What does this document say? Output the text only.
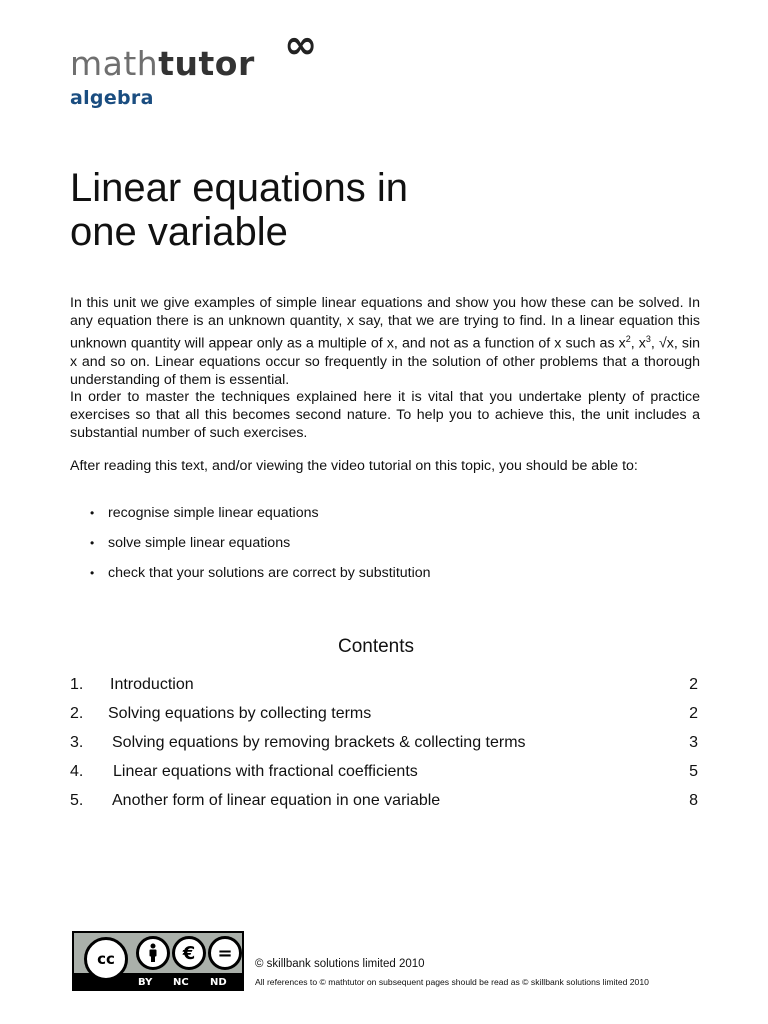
mathtutor ∞
algebra
Linear equations in
one variable
In this unit we give examples of simple linear equations and show you how these can be solved. In any equation there is an unknown quantity, x say, that we are trying to find. In a linear equation this unknown quantity will appear only as a multiple of x, and not as a function of x such as $x^2$, $x^3$, √x, sin x and so on. Linear equations occur so frequently in the solution of other problems that a thorough understanding of them is essential.
In order to master the techniques explained here it is vital that you undertake plenty of practice exercises so that all this becomes second nature. To help you to achieve this, the unit includes a substantial number of such exercises.
After reading this text, and/or viewing the video tutorial on this topic, you should be able to:
• recognise simple linear equations
• solve simple linear equations
• check that your solutions are correct by substitution
Contents
1. Introduction	2
2. Solving equations by collecting terms	2
3. Solving equations by removing brackets & collecting terms	3
4. Linear equations with fractional coefficients	5
5. Another form of linear equation in one variable	8
cc	€	=
BY NC ND
© skillbank solutions limited 2010
All references to © mathtutor on subsequent pages should be read as © skillbank solutions limited 2010
